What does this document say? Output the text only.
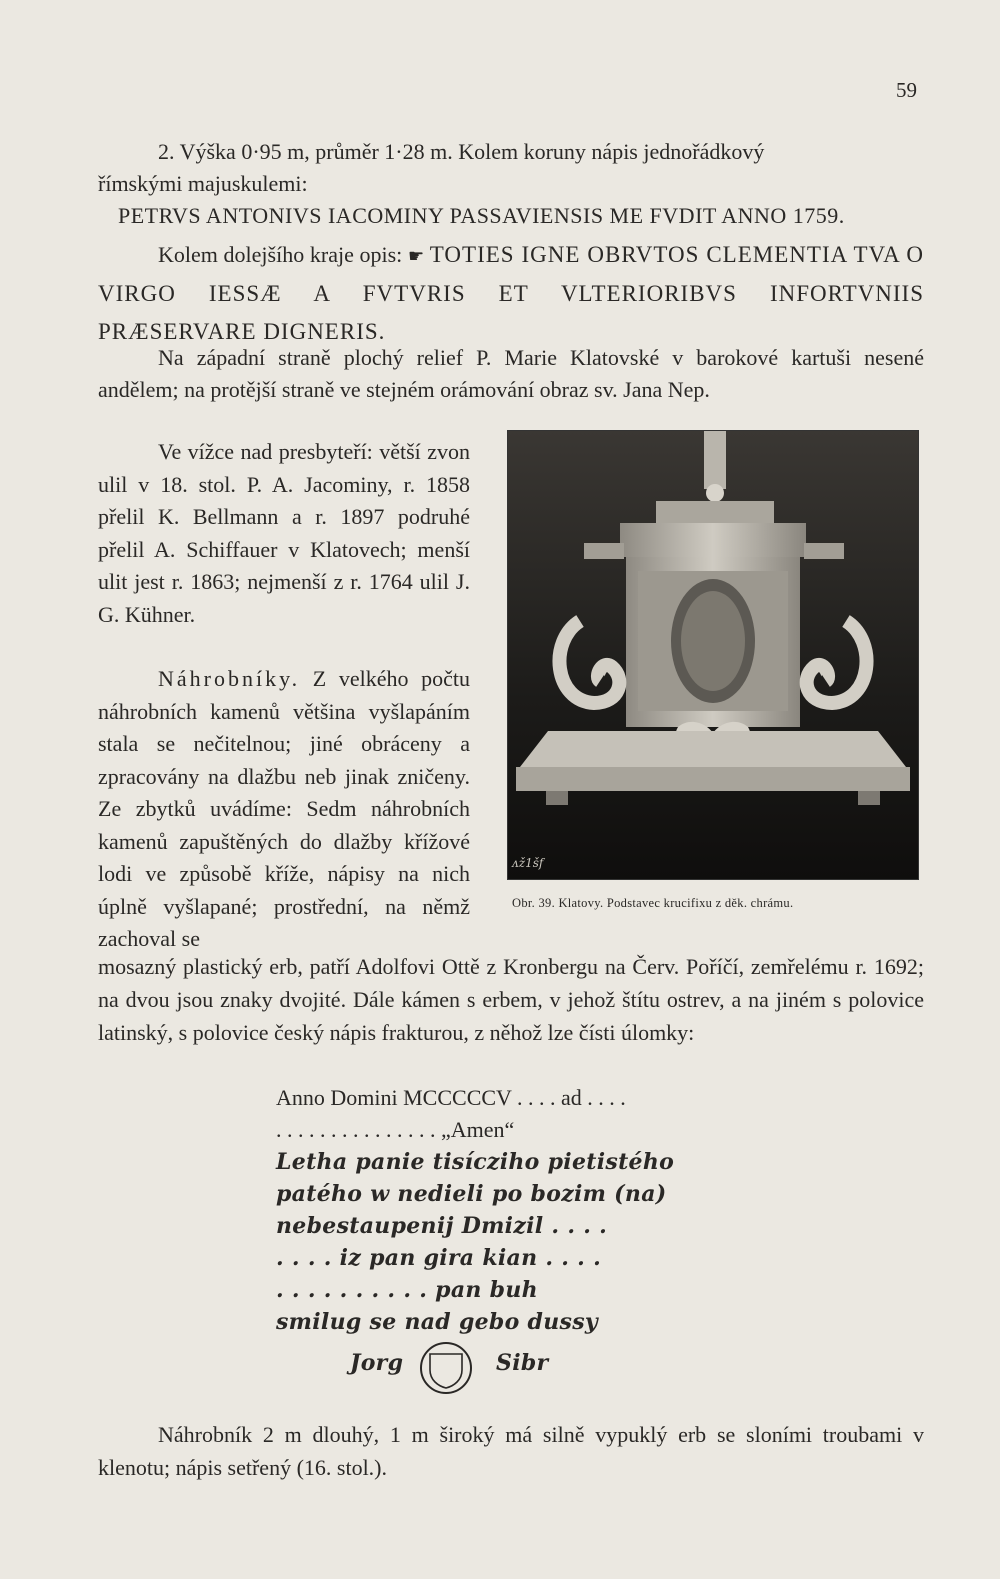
59

2. Výška 0·95 m, průměr 1·28 m. Kolem koruny nápis jednořádkový

římskými majuskulemi:

PETRVS ANTONIVS IACOMINY PASSAVIENSIS ME FVDIT ANNO 1759.

Kolem dolejšího kraje opis: ☛ TOTIES IGNE OBRVTOS CLEMENTIA TVA O VIRGO IESSÆ A FVTVRIS ET VLTERIORIBVS INFORTVNIIS PRÆSERVARE DIGNERIS.

Na západní straně plochý relief P. Marie Klatovské v barokové kartuši nesené andělem; na protější straně ve stejném orámování obraz sv. Jana Nep.

Ve vížce nad presbyteří: větší zvon ulil v 18. stol. P. A. Jacominy, r. 1858 přelil K. Bellmann a r. 1897 podruhé přelil A. Schiffauer v Klatovech; menší ulit jest r. 1863; nejmenší z r. 1764 ulil J. G. Kühner.

Náhrobníky. Z velkého počtu náhrobních kamenů většina vyšlapáním stala se nečitelnou; jiné obráceny a zpracovány na dlažbu neb jinak zničeny. Ze zbytků uvádíme: Sedm náhrobních kamenů zapuštěných do dlažby křížové lodi ve způsobě kříže, nápisy na nich úplně vyšlapané; prostřední, na němž zachoval se

ᴧž1šf
Obr. 39. Klatovy. Podstavec krucifixu z děk. chrámu.

mosazný plastický erb, patří Adolfovi Ottě z Kronbergu na Červ. Poříčí, zemřelému r. 1692; na dvou jsou znaky dvojité. Dále kámen s erbem, v jehož štítu ostrev, a na jiném s polovice latinský, s polovice český nápis frakturou, z něhož lze čísti úlomky:

Anno Domini MCCCCCV . . . . ad . . . .
. . . . . . . . . . . . . . . „Amen“
Letha panie tisícziho pietistého
patého w nedieli po bozim (na)
nebestaupenij Dmizil . . . .
. . . . iz pan gira kian . . . .
. . . . . . . . . . pan buh
smilug se nad gebo dussy
Jorg	Sibr

Náhrobník 2 m dlouhý, 1 m široký má silně vypuklý erb se sloními troubami v klenotu; nápis setřený (16. stol.).
